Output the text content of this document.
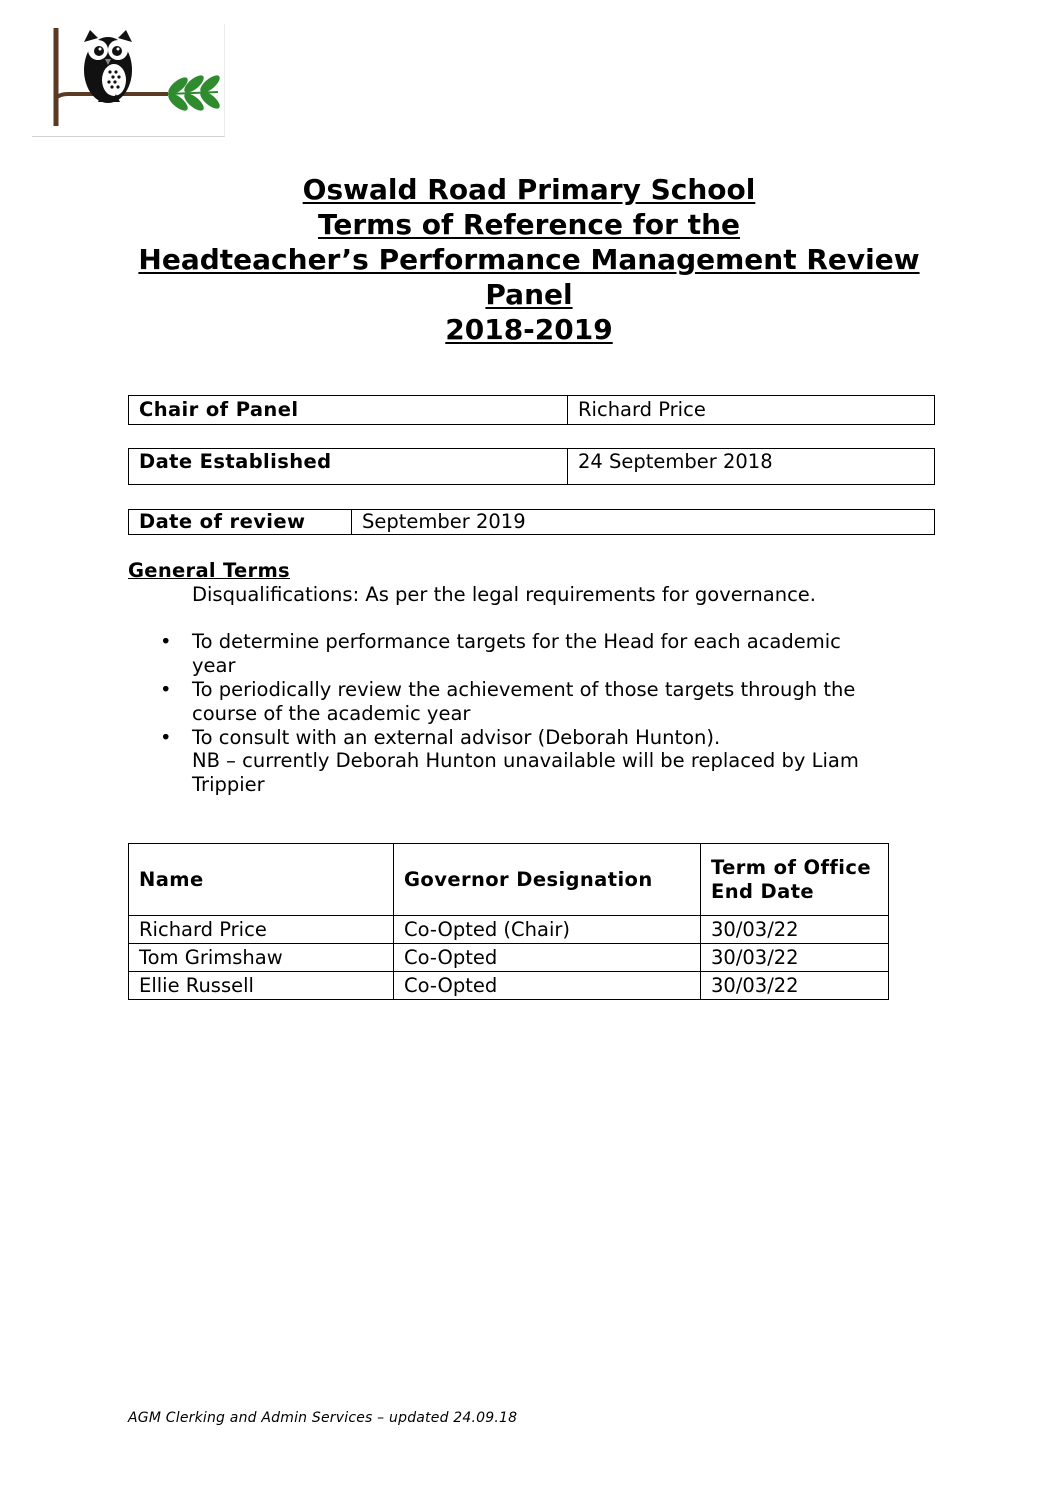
Oswald Road Primary School
Terms of Reference for the
Headteacher’s Performance Management Review
Panel
2018-2019
Chair of Panel	Richard Price
Date Established	24 September 2018
Date of review	September 2019
General Terms
Disqualifications: As per the legal requirements for governance.
• To determine performance targets for the Head for each academic year
• To periodically review the achievement of those targets through the course of the academic year
• To consult with an external advisor (Deborah Hunton).
NB – currently Deborah Hunton unavailable will be replaced by Liam Trippier
Name	Governor Designation	Term of Office End Date
Richard Price	Co-Opted (Chair)	30/03/22
Tom Grimshaw	Co-Opted	30/03/22
Ellie Russell	Co-Opted	30/03/22
AGM Clerking and Admin Services – updated 24.09.18
